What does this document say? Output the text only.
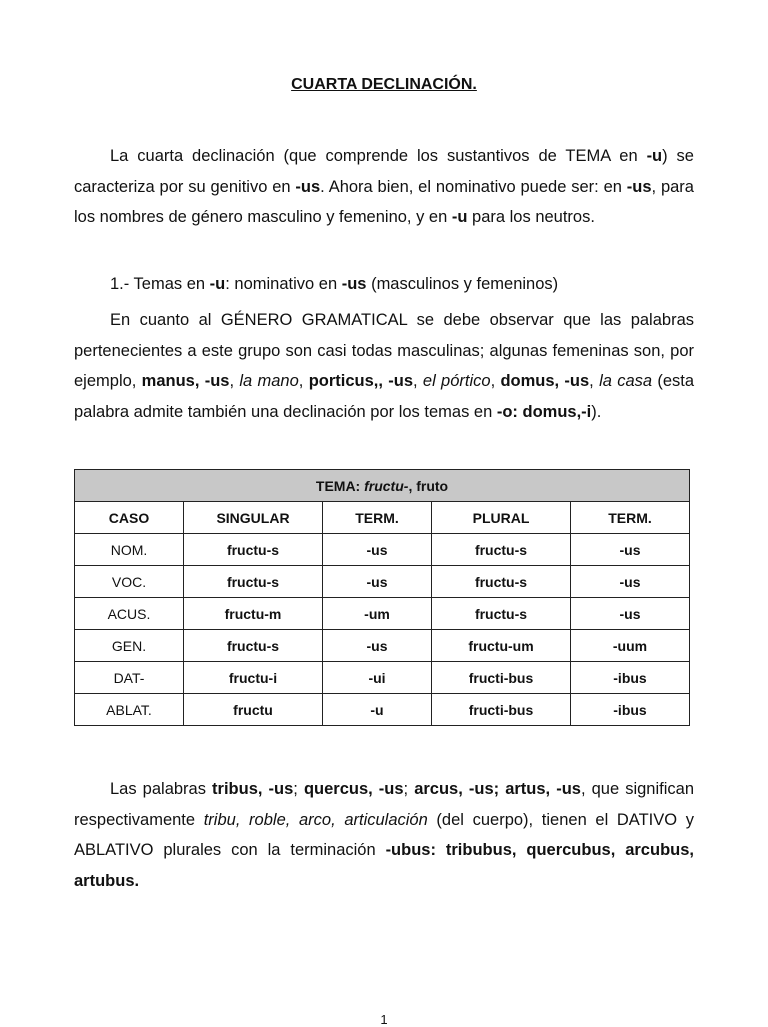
CUARTA DECLINACIÓN.

La cuarta declinación (que comprende los sustantivos de TEMA en -u) se caracteriza por su genitivo en -us. Ahora bien, el nominativo puede ser: en -us, para los nombres de género masculino y femenino, y en -u para los neutros.

1.- Temas en -u: nominativo en -us (masculinos y femeninos)

En cuanto al GÉNERO GRAMATICAL se debe observar que las palabras pertenecientes a este grupo son casi todas masculinas; algunas femeninas son, por ejemplo, manus, -us, la mano, porticus,, -us, el pórtico, domus, -us, la casa (esta palabra admite también una declinación por los temas en -o: domus,-i).

TEMA: fructu-, fruto				
CASO	SINGULAR	TERM.	PLURAL	TERM.
NOM.	fructu-s	-us	fructu-s	-us
VOC.	fructu-s	-us	fructu-s	-us
ACUS.	fructu-m	-um	fructu-s	-us
GEN.	fructu-s	-us	fructu-um	-uum
DAT-	fructu-i	-ui	fructi-bus	-ibus
ABLAT.	fructu	-u	fructi-bus	-ibus

Las palabras tribus, -us; quercus, -us; arcus, -us; artus, -us, que significan respectivamente tribu, roble, arco, articulación (del cuerpo), tienen el DATIVO y ABLATIVO plurales con la terminación -ubus: tribubus, quercubus, arcubus, artubus.

1
